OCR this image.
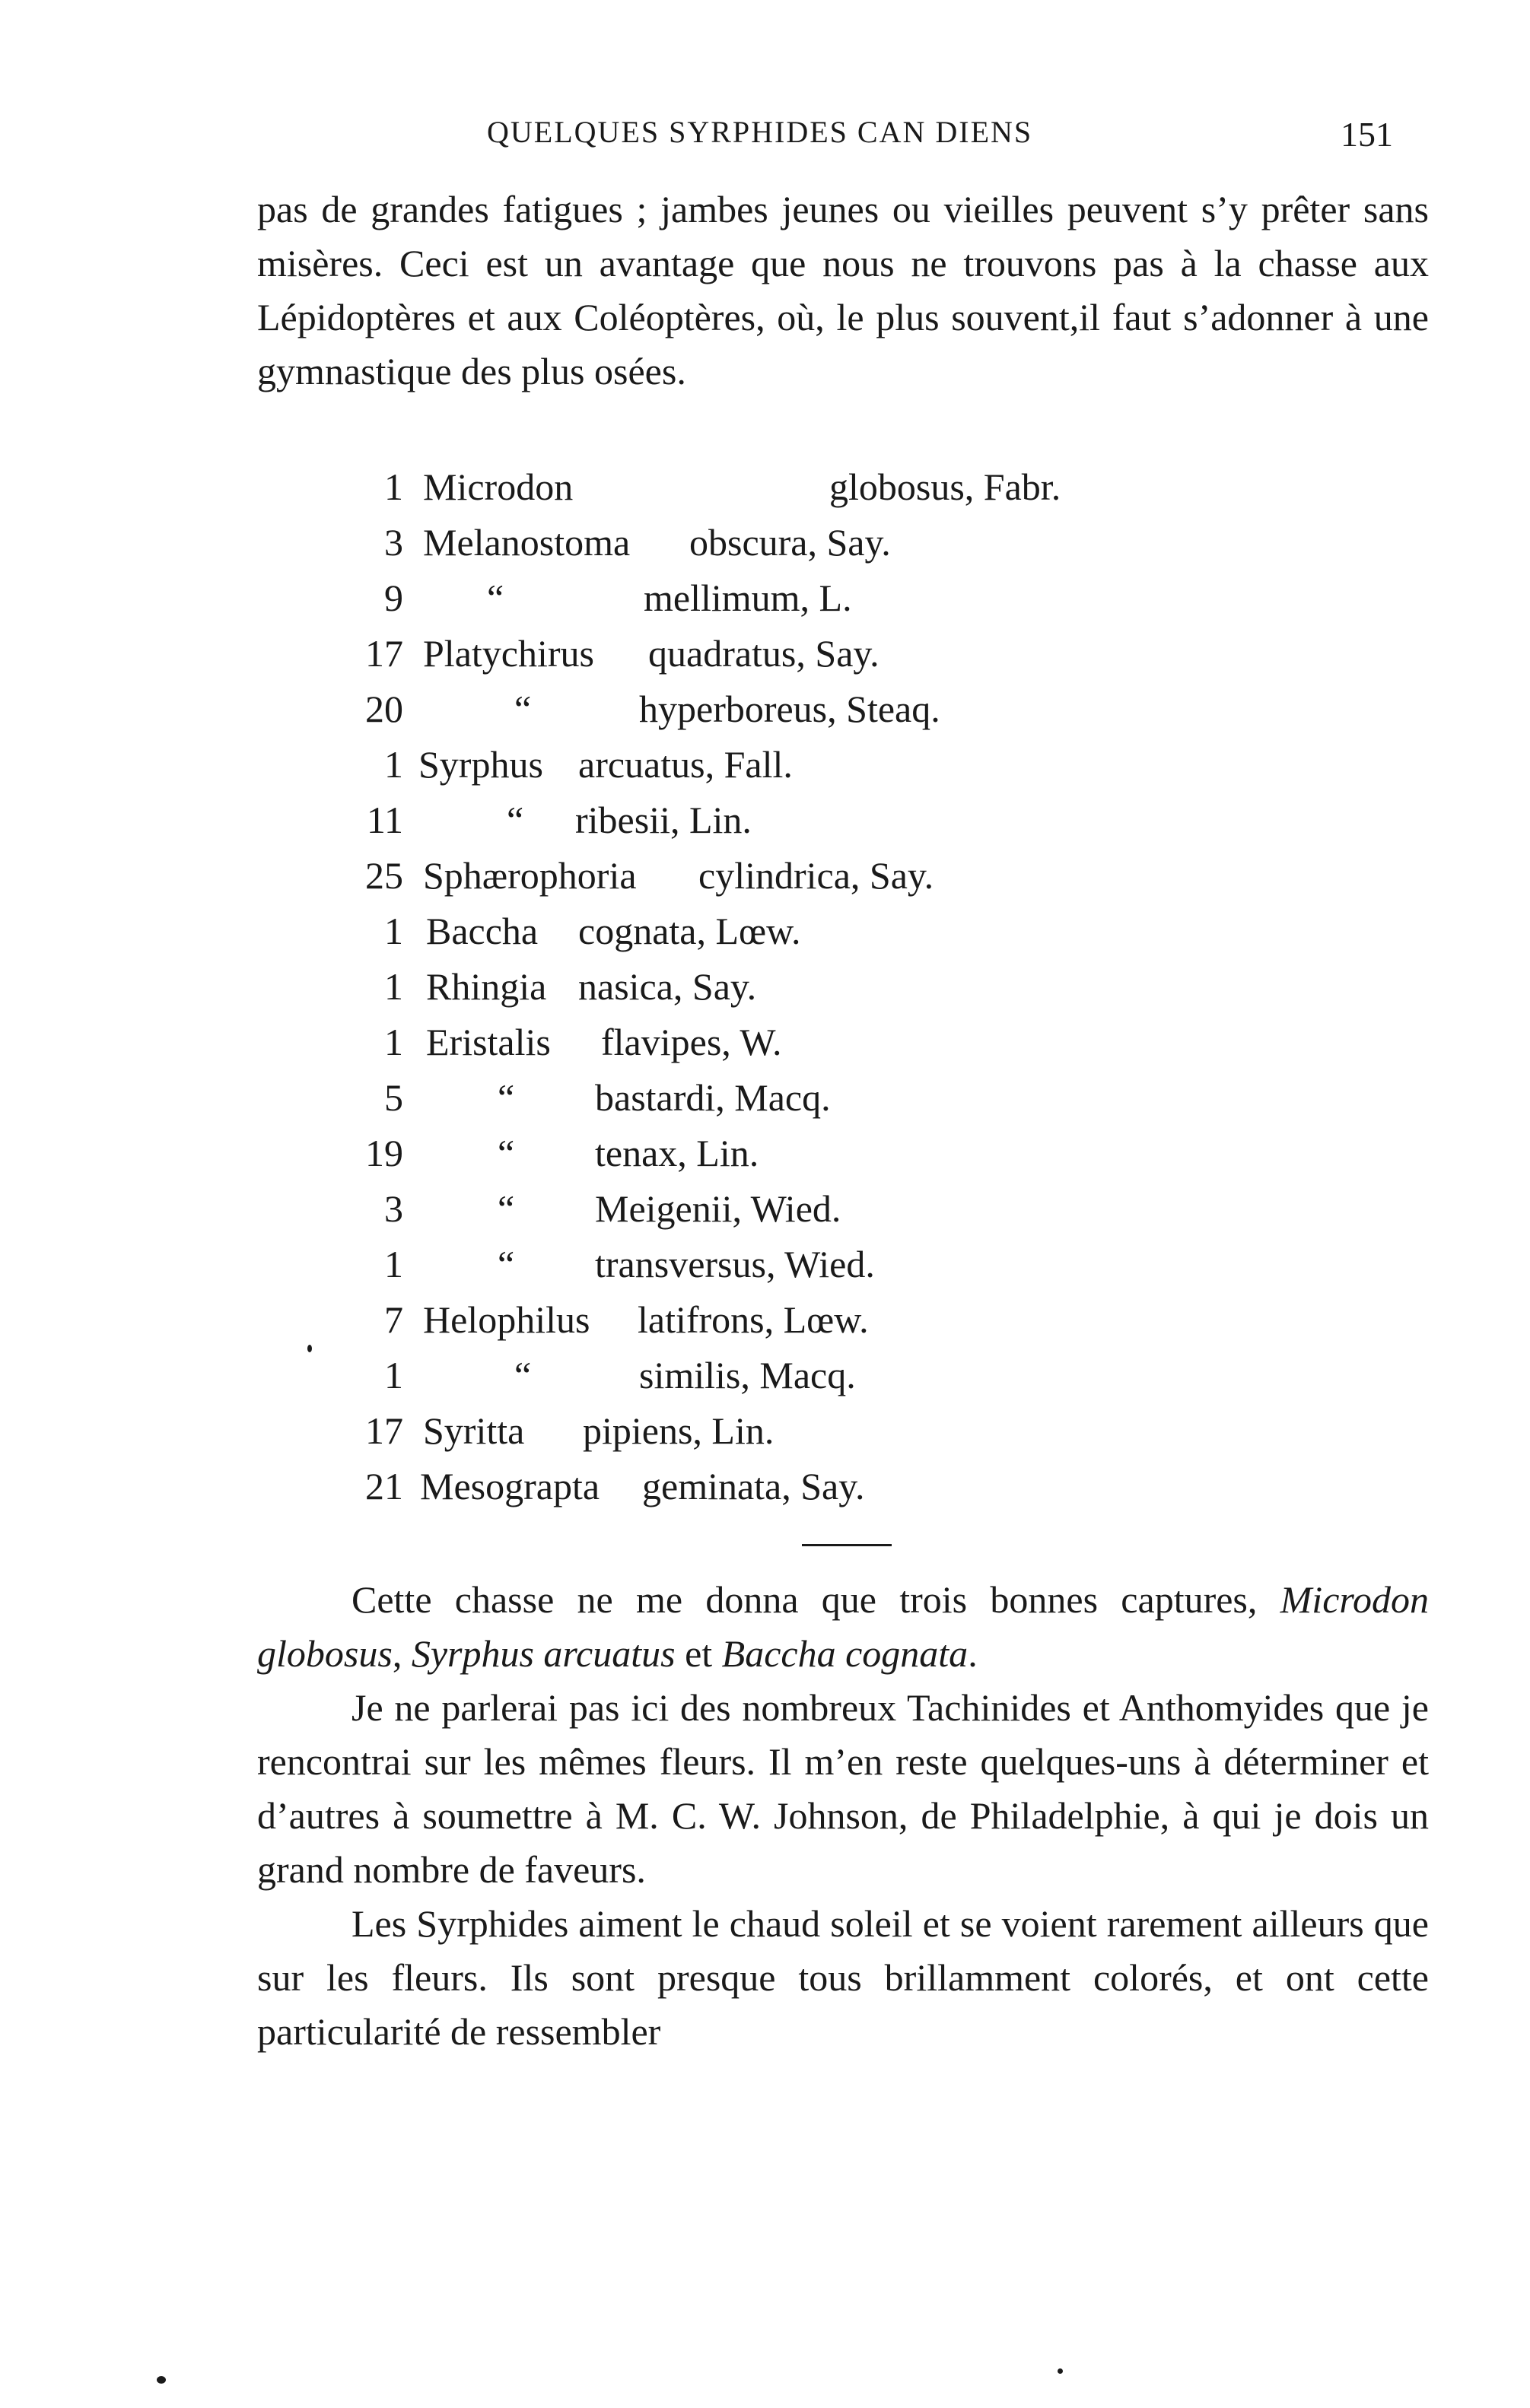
QUELQUES SYRPHIDES CAN DIENS	151

pas de grandes fatigues ; jambes jeunes ou vieilles peuvent s’y prêter sans misères. Ceci est un avantage que nous ne trouvons pas à la chasse aux Lépidoptères et aux Coléoptères, où, le plus souvent,il faut s’adonner à une gymnastique des plus osées.

1 Microdon	globosus, Fabr.
3 Melanostoma obscura, Say.
9 “	mellimum, L.
17 Platychirus quadratus, Say.
20	“	hyperboreus, Steaq.
1 Syrphus arcuatus, Fall.
11	“ ribesii, Lin.
25 Sphærophoria cylindrica, Say.
1 Baccha cognata, Lœw.
1 Rhingia nasica, Say.
1 Eristalis flavipes, W.
5 “ bastardi, Macq.
19 “ tenax, Lin.
3 “ Meigenii, Wied.
1 “ transversus, Wied.
7 Helophilus latifrons, Lœw.
1	“	similis, Macq.
17 Syritta pipiens, Lin.
21 Mesograpta geminata, Say.

Cette chasse ne me donna que trois bonnes captures, Microdon globosus, Syrphus arcuatus et Baccha cognata.

Je ne parlerai pas ici des nombreux Tachinides et Anthomyides que je rencontrai sur les mêmes fleurs. Il m’en reste quelques-uns à déterminer et d’autres à soumettre à M. C. W. Johnson, de Philadelphie, à qui je dois un grand nombre de faveurs.

Les Syrphides aiment le chaud soleil et se voient rarement ailleurs que sur les fleurs. Ils sont presque tous brillamment colorés, et ont cette particularité de ressembler
